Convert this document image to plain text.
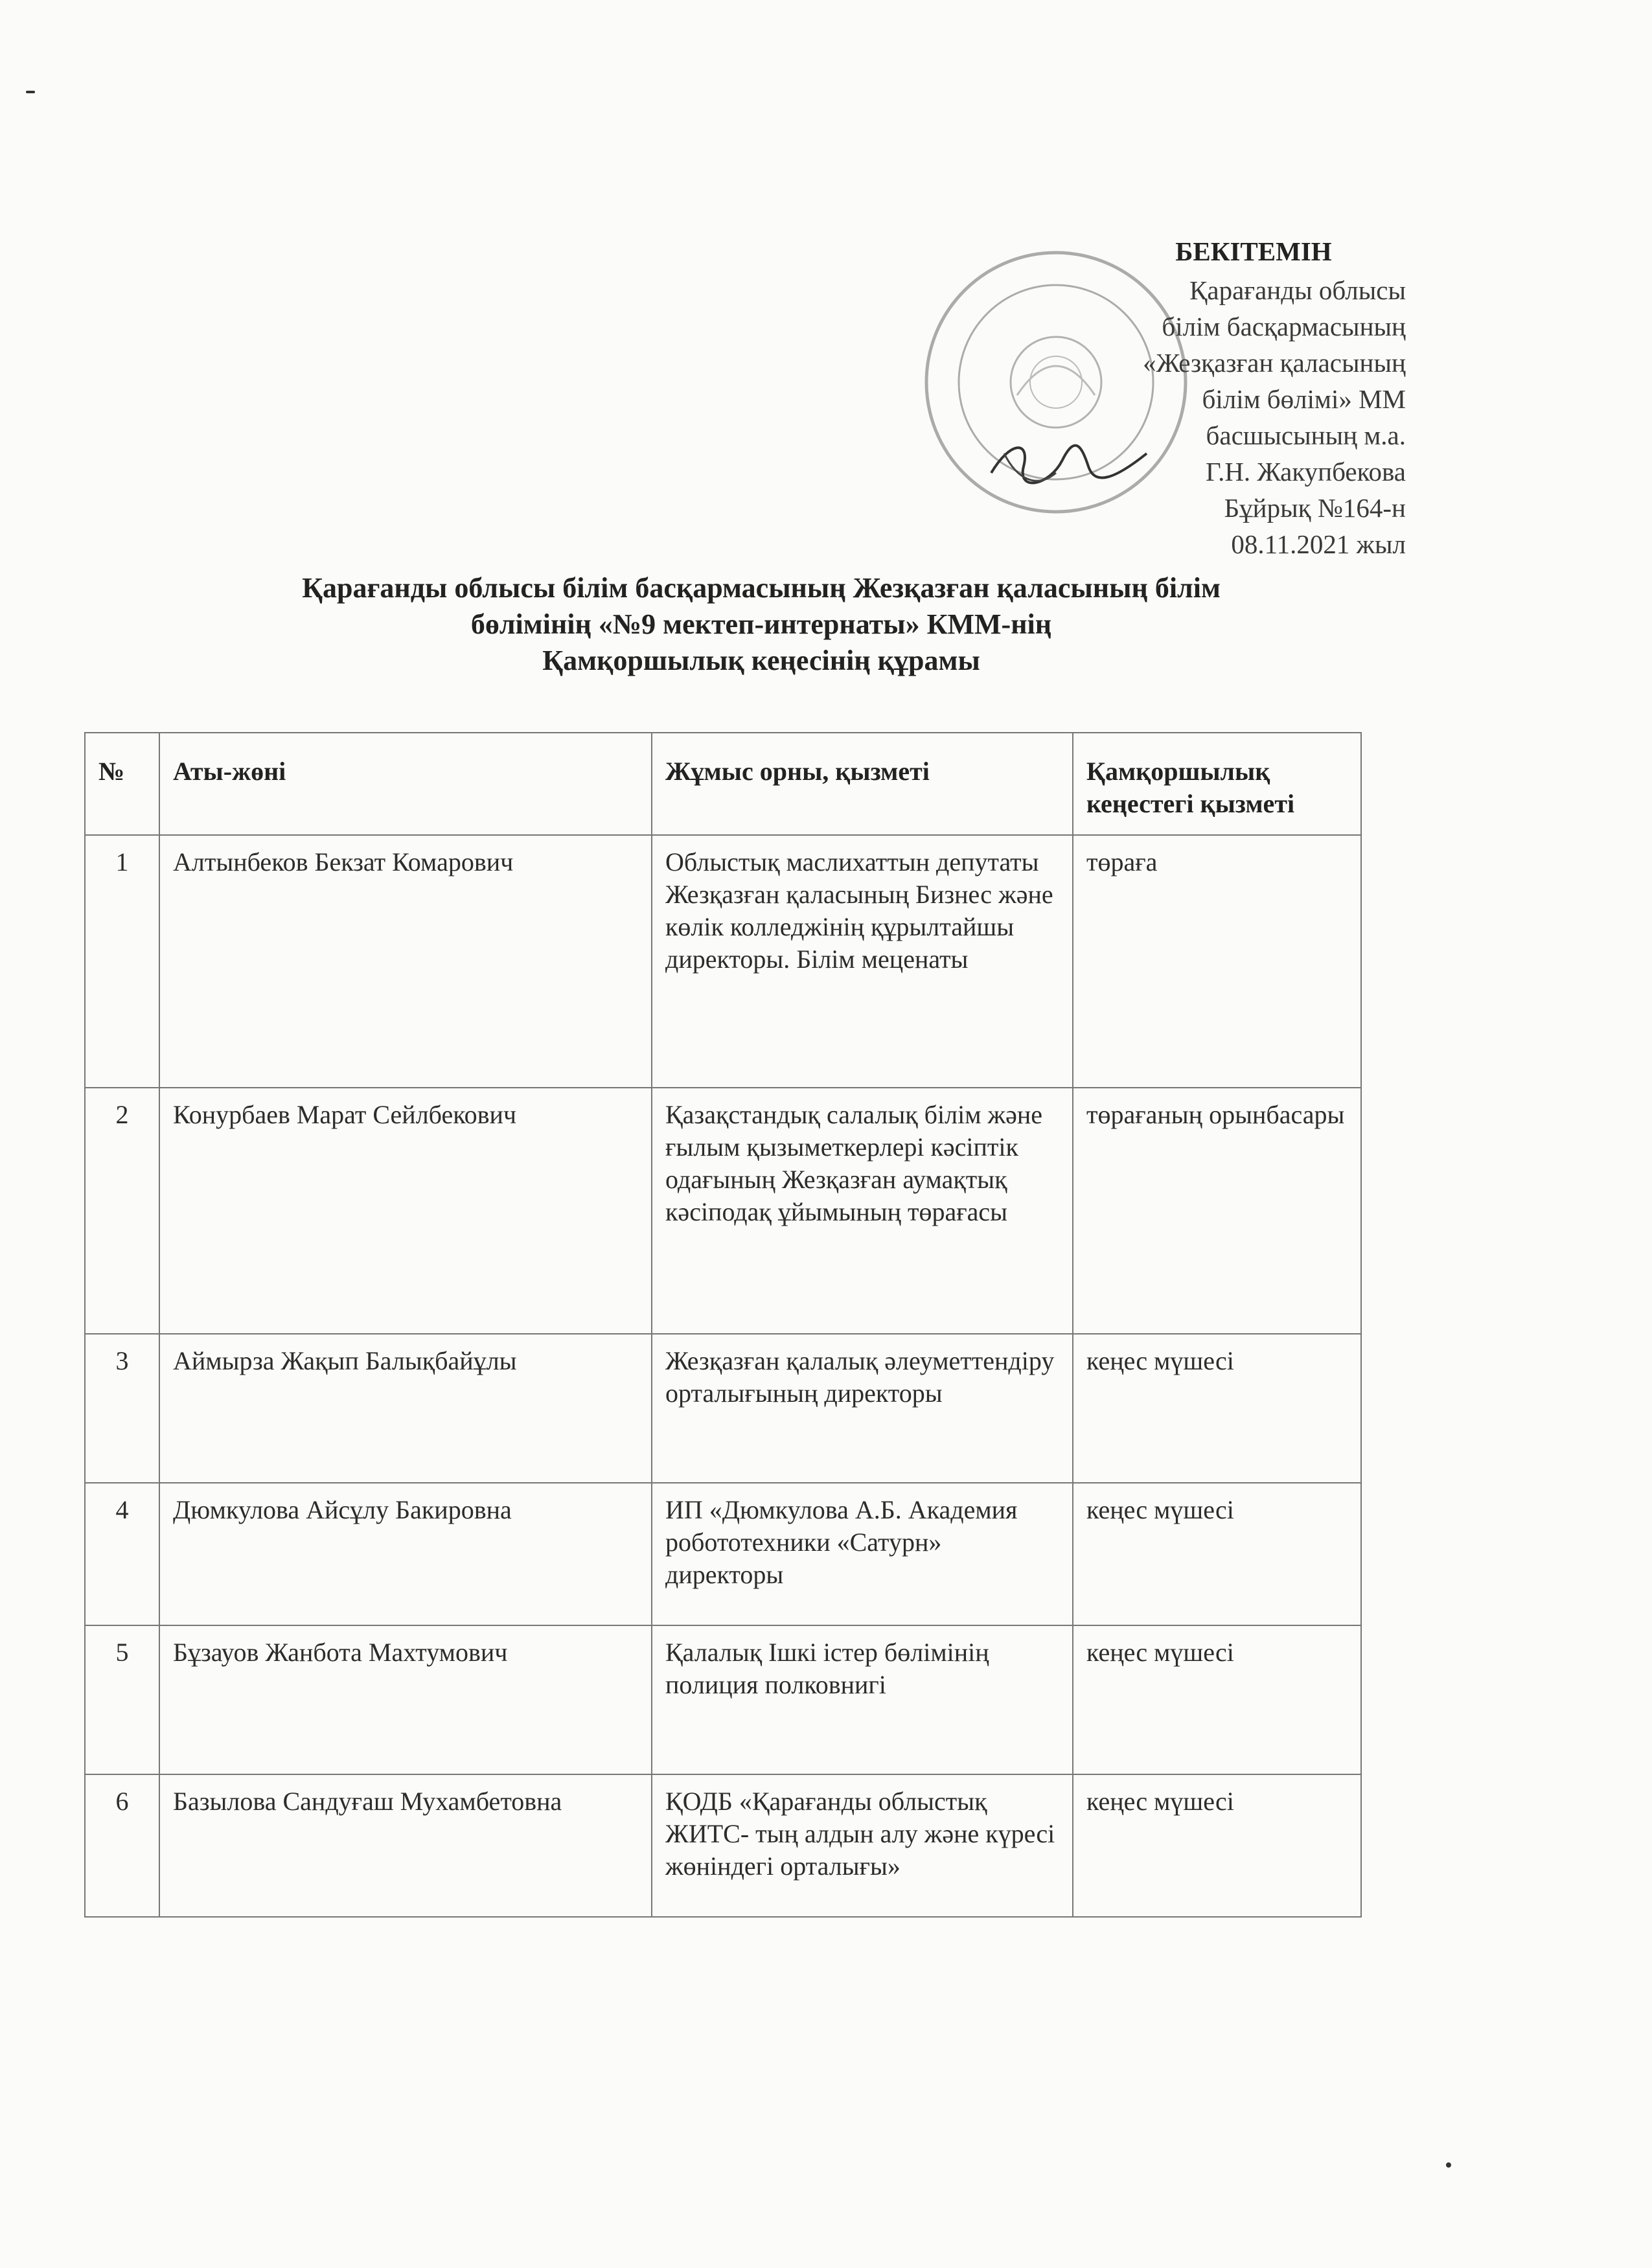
БЕКІТЕМІН
Қарағанды облысы
білім басқармасының
«Жезқазған қаласының
білім бөлімі» ММ
басшысының м.а.
Г.Н. Жакупбекова
Бұйрық №164-н
08.11.2021 жыл
Қарағанды облысы білім басқармасының Жезқазған қаласының білім
бөлімінің «№9 мектеп-интернаты» КММ-нің
Қамқоршылық кеңесінің құрамы
№	Аты-жөні	Жұмыс орны, қызметі	Қамқоршылық кеңестегі қызметі
1	Алтынбеков Бекзат Комарович	Облыстық маслихаттын депутаты Жезқазған қаласының Бизнес және көлік колледжінің құрылтайшы директоры. Білім меценаты	төраға
2	Конурбаев Марат Сейлбекович	Қазақстандық салалық білім және ғылым қызыметкерлері кәсіптік одағының Жезқазған аумақтық кәсіподақ ұйымының төрағасы	төрағаның орынбасары
3	Аймырза Жақып Балықбайұлы	Жезқазған қалалық әлеуметтендіру орталығының директоры	кеңес мүшесі
4	Дюмкулова Айсұлу Бакировна	ИП «Дюмкулова А.Б. Академия робототехники «Сатурн» директоры	кеңес мүшесі
5	Бұзауов Жанбота Махтумович	Қалалық Ішкі істер бөлімінің полиция полковнигі	кеңес мүшесі
6	Базылова Сандуғаш Мухамбетовна	ҚОДБ «Қарағанды облыстық ЖИТС- тың алдын алу және күресі жөніндегі орталығы»	кеңес мүшесі
